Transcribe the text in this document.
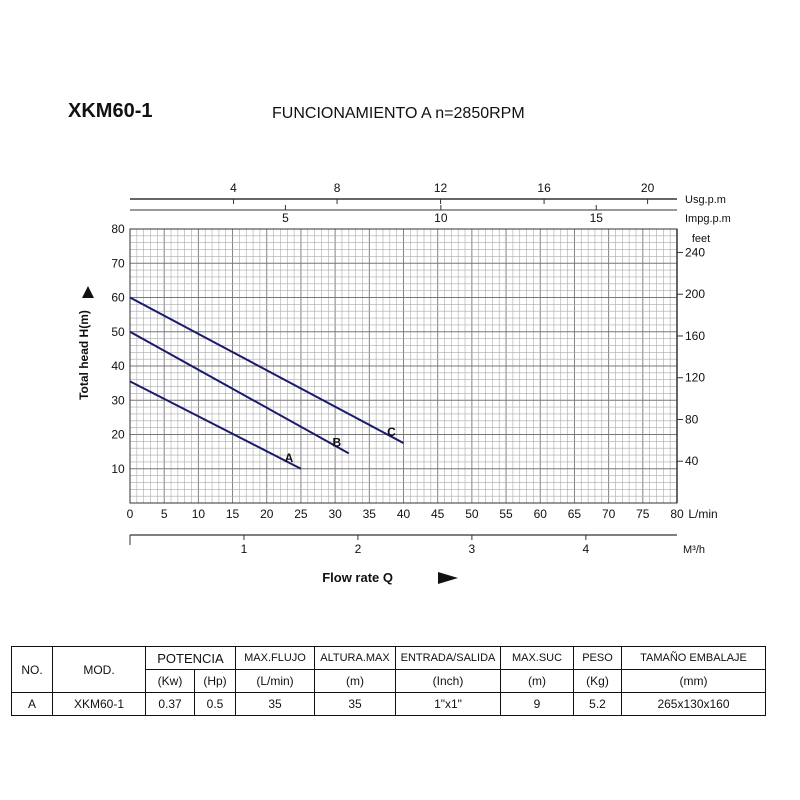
XKM60-1	FUNCIONAMIENTO A n=2850RPM
10
20
30
40
50
60
70
80
0 5 10 15 20 25 30 35 40 45 50 55 60 65 70 75 80 L/min
Total head H(m)
Flow rate Q
4	8	12	16	20
Usg.p.m
5	10	15	Impg.p.m
40
80
120
160
200
240
feet
1	2	3	4	M³/h
A
B
C
NO.	MOD.	POTENCIA		MAX.FLUJO	ALTURA.MAX	ENTRADA/SALIDA	MAX.SUC	PESO	TAMAÑO EMBALAJE
		(Kw)	(Hp)	(L/min)	(m)	(Inch)	(m)	(Kg)	(mm)
A	XKM60-1	0.37	0.5	35	35	1"x1"	9	5.2	265x130x160
